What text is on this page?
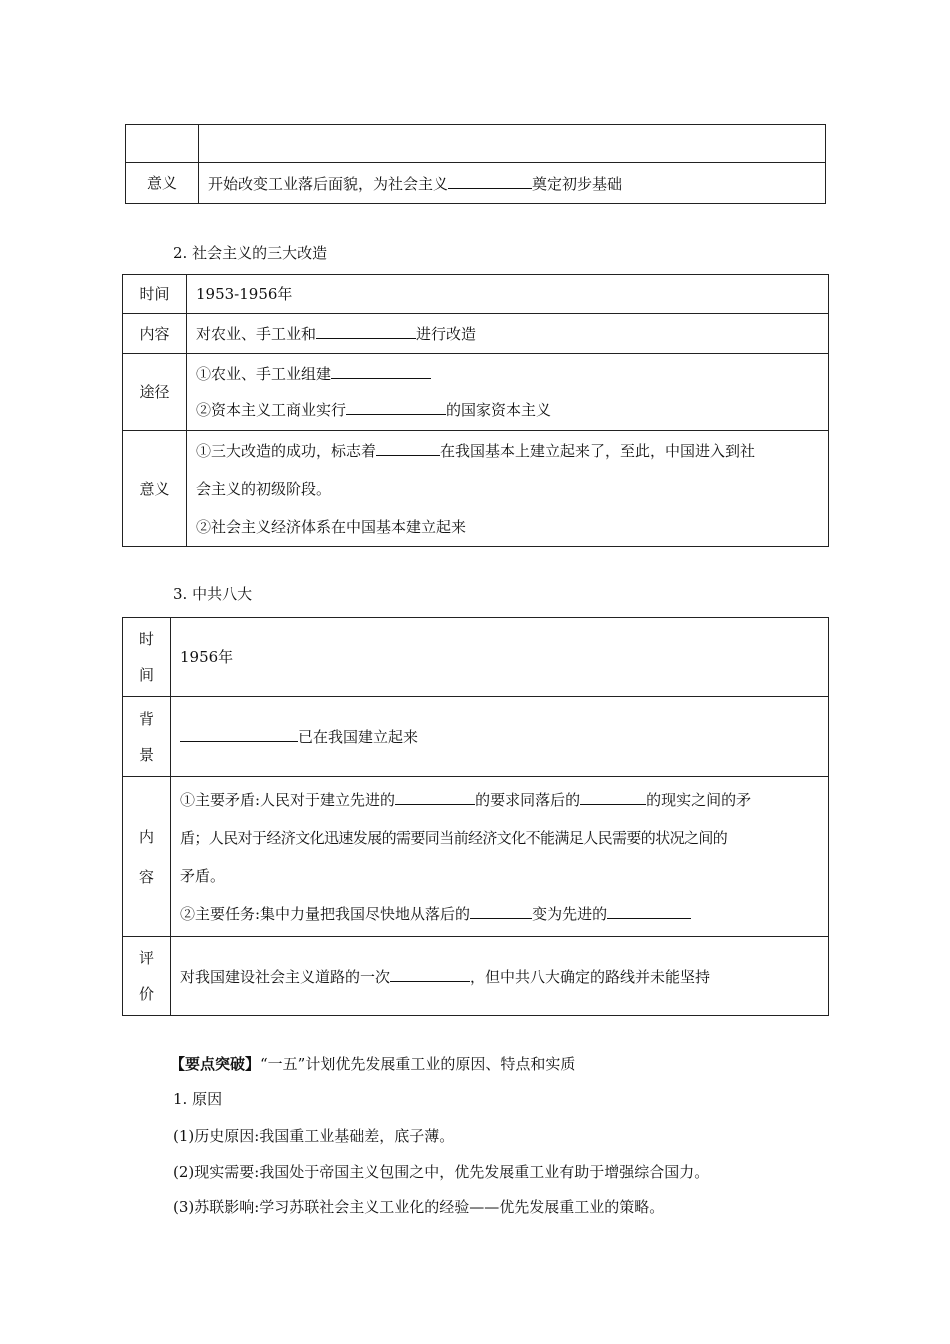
意义	开始改变工业落后面貌，为社会主义 奠定初步基础
2. 社会主义的三大改造
时间	1953-1956年
内容	对农业、手工业和 进行改造
途径	①农业、手工业组建
②资本主义工商业实行 的国家资本主义

意义	①三大改造的成功，标志着 在我国基本上建立起来了，至此，中国进入到社
会主义的初级阶段。
②社会主义经济体系在中国基本建立起来
3. 中共八大
时
间	1956年

背
景	已在我国建立起来

内
容	①主要矛盾:人民对于建立先进的 的要求同落后的 的现实之间的矛
盾；人民对于经济文化迅速发展的需要同当前经济文化不能满足人民需要的状况之间的
矛盾。
②主要任务:集中力量把我国尽快地从落后的 变为先进的

评
价	对我国建设社会主义道路的一次 ，但中共八大确定的路线并未能坚持
【要点突破】“一五”计划优先发展重工业的原因、特点和实质
1. 原因
(1)历史原因:我国重工业基础差，底子薄。
(2)现实需要:我国处于帝国主义包围之中，优先发展重工业有助于增强综合国力。
(3)苏联影响:学习苏联社会主义工业化的经验——优先发展重工业的策略。
